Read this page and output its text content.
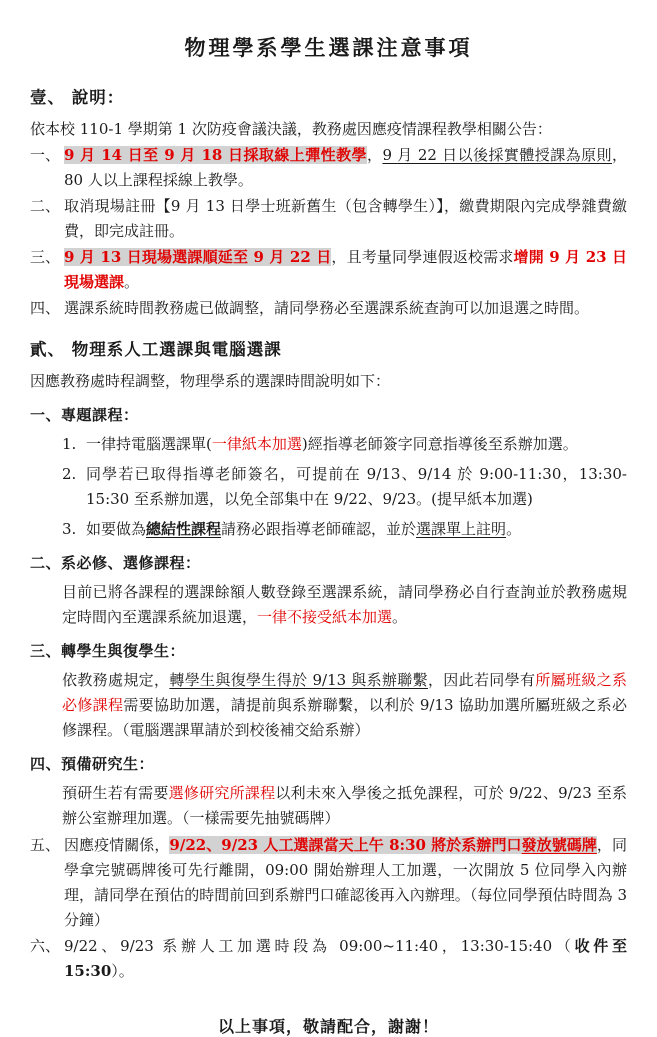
物理學系學生選課注意事項
壹、 說明：
依本校 110-1 學期第 1 次防疫會議決議，教務處因應疫情課程教學相關公告：
一、 9 月 14 日至 9 月 18 日採取線上彈性教學，9 月 22 日以後採實體授課為原則，80 人以上課程採線上教學。
二、 取消現場註冊【9 月 13 日學士班新舊生（包含轉學生）】，繳費期限內完成學雜費繳費，即完成註冊。
三、 9 月 13 日現場選課順延至 9 月 22 日，且考量同學連假返校需求增開 9 月 23 日現場選課。
四、 選課系統時間教務處已做調整，請同學務必至選課系統查詢可以加退選之時間。
貳、 物理系人工選課與電腦選課
因應教務處時程調整，物理學系的選課時間說明如下：
一、專題課程：
1. 一律持電腦選課單(一律紙本加選)經指導老師簽字同意指導後至系辦加選。
2. 同學若已取得指導老師簽名，可提前在 9/13、9/14 於 9:00-11:30，13:30-15:30 至系辦加選，以免全部集中在 9/22、9/23。(提早紙本加選)
3. 如要做為總結性課程請務必跟指導老師確認，並於選課單上註明。
二、系必修、選修課程：
目前已將各課程的選課餘額人數登錄至選課系統，請同學務必自行查詢並於教務處規定時間內至選課系統加退選，一律不接受紙本加選。
三、轉學生與復學生：
依教務處規定，轉學生與復學生得於 9/13 與系辦聯繫，因此若同學有所屬班級之系必修課程需要協助加選，請提前與系辦聯繫，以利於 9/13 協助加選所屬班級之系必修課程。（電腦選課單請於到校後補交給系辦）
四、預備研究生：
預研生若有需要選修研究所課程以利未來入學後之抵免課程，可於 9/22、9/23 至系辦公室辦理加選。（一樣需要先抽號碼牌）
五、 因應疫情關係，9/22、9/23 人工選課當天上午 8:30 將於系辦門口發放號碼牌，同學拿完號碼牌後可先行離開，09:00 開始辦理人工加選，一次開放 5 位同學入內辦理，請同學在預估的時間前回到系辦門口確認後再入內辦理。（每位同學預估時間為 3 分鐘）
六、 9/22、9/23 系辦人工加選時段為 09:00~11:40，13:30-15:40（收件至 15:30）。
以上事項，敬請配合，謝謝！
